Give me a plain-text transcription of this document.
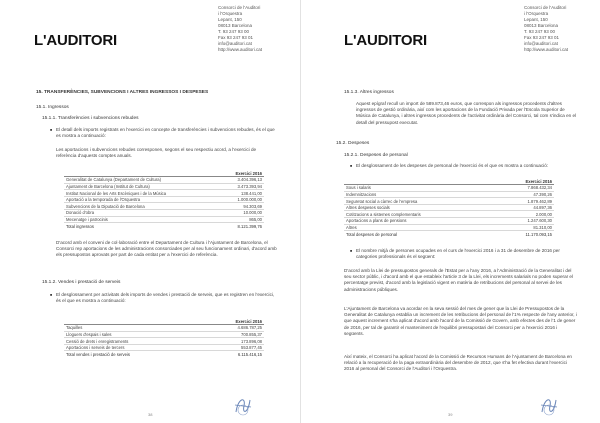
L'AUDITORI
Consorci de l'Auditori
i l'Orquestra
Lepant, 150
08013 Barcelona
T. 93 247 93 00
Fax 93 247 93 01
info@auditori.cat
http://www.auditori.cat
15. TRANSFERÈNCIES, SUBVENCIONS I ALTRES INGRESSOS I DESPESES
15.1. Ingressos
15.1.1. Transferències i subvencions rebudes
■ El detall dels imports registrats en l'exercici en concepte de transferències i subvencions rebudes, és el que es mostra a continuació:
Les aportacions i subvencions rebudes corresponen, segons el seu respectiu acord, a l'exercici de referència d'aquests comptes anuals.
	Exercici 2016
Generalitat de Catalunya (Departament de Cultura)	3.404.396,13
Ajuntament de Barcelona (Institut de Cultura)	3.473.393,94
Institut Nacional de les Arts Escèniques i de la Música	138.441,00
Aportació a la temporada de l'Orquestra	1.000.000,00
Subvencions de la Diputació de Barcelona	94.303,69
Donació d'obra	10.000,00
Mecenatge i patrocinis	865,00
Total ingressos	8.121.399,76
D'acord amb el conveni de col·laboració entre el Departament de Cultura i l'Ajuntament de Barcelona, el Consorci rep aportacions de les administracions consorciades per al seu funcionament ordinari, d'acord amb els pressupostos aprovats per part de cada entitat per a l'exercici de referència.
15.1.2. Vendes i prestació de serveis
■ El desglossament per activitats dels imports de vendes i prestació de serveis, que es registren en l'exercici, és el que es mostra a continuació:
	Exercici 2016
Taquilles	4.686.787,25
Lloguers d'espais i sales	700.855,37
Cessió de drets i enregistraments	173.896,08
Aportacions i serveis de tercers	553.877,45
Total vendes i prestació de serveis	6.115.416,15
38
L'AUDITORI
Consorci de l'Auditori
i l'Orquestra
Lepant, 150
08013 Barcelona
T. 93 247 93 00
Fax 93 247 93 01
info@auditori.cat
http://www.auditori.cat
15.1.3. Altres ingressos
Aquest epígraf recull un import de 589.873,46 euros, que correspon als ingressos procedents d'altres ingressos de gestió ordinària, així com les aportacions de la Fundació Privada per l'Escola Superior de Música de Catalunya, i altres ingressos procedents de l'activitat ordinària del Consorci, tal com s'indica en el detall del pressupost executat.
15.2. Despeses
15.2.1. Despeses de personal
■ El desglossament de les despeses de personal de l'exercici és el que es mostra a continuació:
	Exercici 2016
Sous i salaris	7.868.432,34
Indemnitzacions	47.390,26
Seguretat social a càrrec de l'empresa	1.879.462,89
Altres despeses socials	44.897,36
Cotitzacions a sistemes complementaris	2.000,00
Aportacions a plans de pensions	1.247.600,30
Altres	81.310,00
Total despeses de personal	11.170.093,15
■ El nombre mitjà de persones ocupades en el curs de l'exercici 2016 i a 31 de desembre de 2016 per categories professionals és el següent:
D'acord amb la Llei de pressupostos generals de l'Estat per a l'any 2016, a l'Administració de la Generalitat i del seu sector públic, i d'acord amb el que estableix l'article 3 de la Llei, els increments salarials no poden superar el percentatge previst, d'acord amb la legislació vigent en matèria de retribucions del personal al servei de les administracions públiques.
L'Ajuntament de Barcelona va acordar en la seva sessió del mes de gener que la Llei de Pressupostos de la Generalitat de Catalunya establia un increment de les retribucions del personal de l'1% respecte de l'any anterior, i que aquest increment s'ha aplicat d'acord amb l'acord de la Comissió de Govern, amb efectes des de l'1 de gener de 2016, per tal de garantir el manteniment de l'equilibri pressupostari del Consorci per a l'exercici 2016 i següents.
Així mateix, el Consorci ha aplicat l'acord de la Comissió de Recursos Humans de l'Ajuntament de Barcelona en relació a la recuperació de la paga extraordinària del desembre de 2012, que s'ha fet efectiva durant l'exercici 2016 al personal del Consorci de l'Auditori i l'Orquestra.
39
